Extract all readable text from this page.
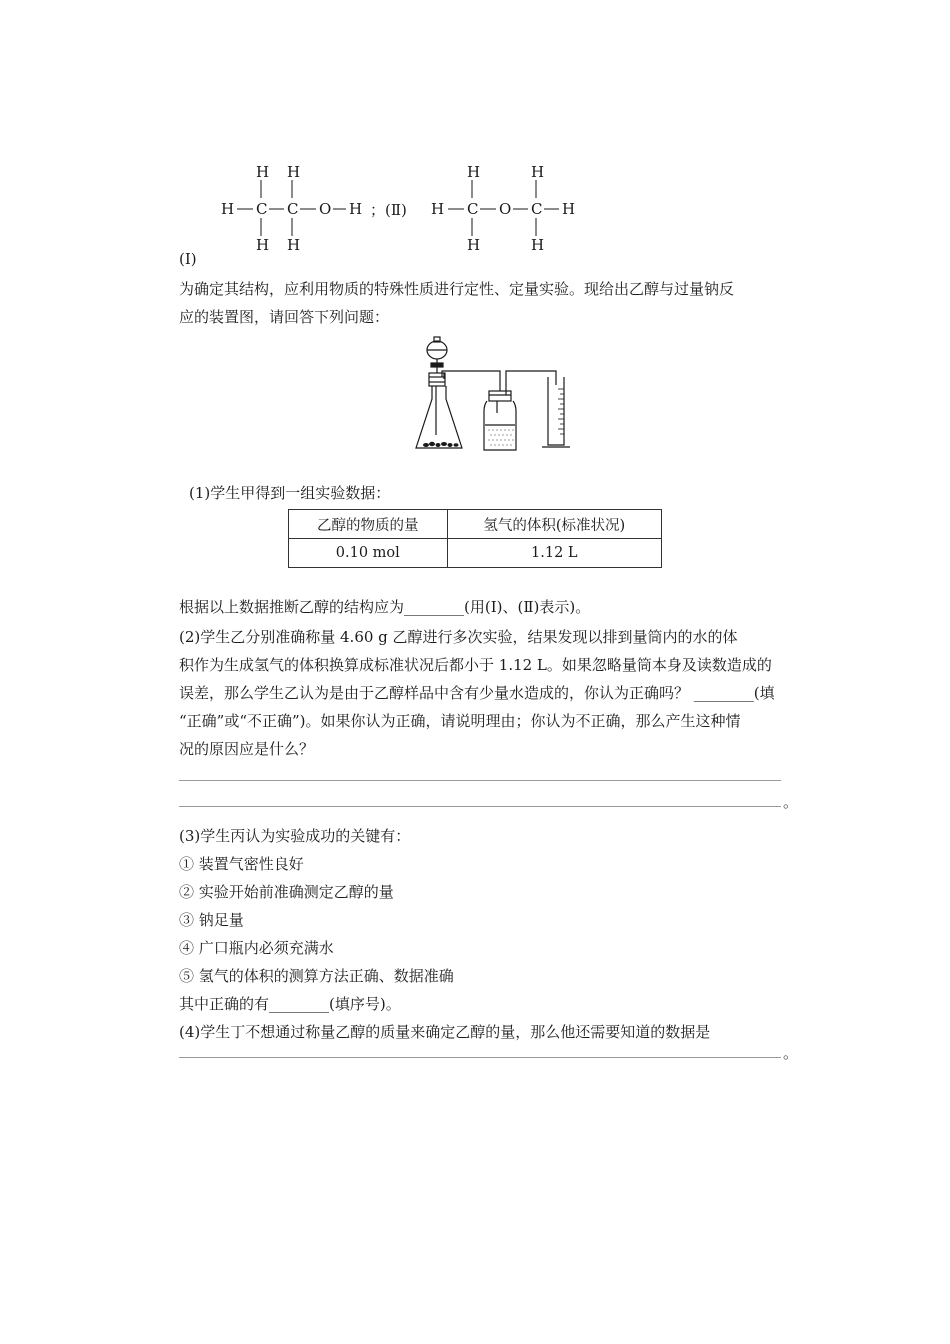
H H
H C C O H
H H
；(Ⅱ) H
H
C O
H
C H
H	H
(Ⅰ)
为确定其结构，应利用物质的特殊性质进行定性、定量实验。现给出乙醇与过量钠反
应的装置图，请回答下列问题：
(1)学生甲得到一组实验数据：
乙醇的物质的量	氢气的体积(标准状况)
0.10 mol	1.12 L
根据以上数据推断乙醇的结构应为________(用(Ⅰ)、(Ⅱ)表示)。
(2)学生乙分别准确称量 4.60 g 乙醇进行多次实验，结果发现以排到量筒内的水的体
积作为生成氢气的体积换算成标准状况后都小于 1.12 L。如果忽略量筒本身及读数造成的
误差，那么学生乙认为是由于乙醇样品中含有少量水造成的，你认为正确吗？ ________(填
“正确”或“不正确”)。如果你认为正确，请说明理由；你认为不正确，那么产生这种情
况的原因应是什么？
。
(3)学生丙认为实验成功的关键有：
① 装置气密性良好
② 实验开始前准确测定乙醇的量
③ 钠足量
④ 广口瓶内必须充满水
⑤ 氢气的体积的测算方法正确、数据准确
其中正确的有________(填序号)。
(4)学生丁不想通过称量乙醇的质量来确定乙醇的量，那么他还需要知道的数据是
。
